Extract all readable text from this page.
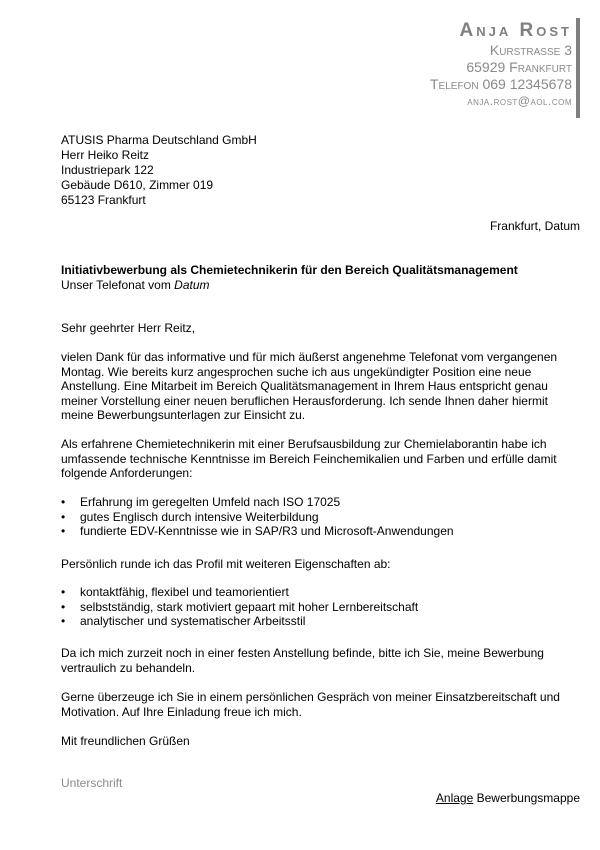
Anja Rost
Kurstrasse 3
65929 Frankfurt
Telefon 069 12345678
anja.rost@aol.com
ATUSIS Pharma Deutschland GmbH
Herr Heiko Reitz
Industriepark 122
Gebäude D610, Zimmer 019
65123 Frankfurt
Frankfurt, Datum
Initiativbewerbung als Chemietechnikerin für den Bereich Qualitätsmanagement
Unser Telefonat vom Datum
Sehr geehrter Herr Reitz,
vielen Dank für das informative und für mich äußerst angenehme Telefonat vom vergangenen Montag. Wie bereits kurz angesprochen suche ich aus ungekündigter Position eine neue Anstellung. Eine Mitarbeit im Bereich Qualitätsmanagement in Ihrem Haus entspricht genau meiner Vorstellung einer neuen beruflichen Herausforderung. Ich sende Ihnen daher hiermit meine Bewerbungsunterlagen zur Einsicht zu.
Als erfahrene Chemietechnikerin mit einer Berufsausbildung zur Chemielaborantin habe ich umfassende technische Kenntnisse im Bereich Feinchemikalien und Farben und erfülle damit folgende Anforderungen:
• Erfahrung im geregelten Umfeld nach ISO 17025
• gutes Englisch durch intensive Weiterbildung
• fundierte EDV-Kenntnisse wie in SAP/R3 und Microsoft-Anwendungen
Persönlich runde ich das Profil mit weiteren Eigenschaften ab:
• kontaktfähig, flexibel und teamorientiert
• selbstständig, stark motiviert gepaart mit hoher Lernbereitschaft
• analytischer und systematischer Arbeitsstil
Da ich mich zurzeit noch in einer festen Anstellung befinde, bitte ich Sie, meine Bewerbung vertraulich zu behandeln.
Gerne überzeuge ich Sie in einem persönlichen Gespräch von meiner Einsatzbereitschaft und Motivation. Auf Ihre Einladung freue ich mich.
Mit freundlichen Grüßen
Unterschrift
Anlage Bewerbungsmappe
